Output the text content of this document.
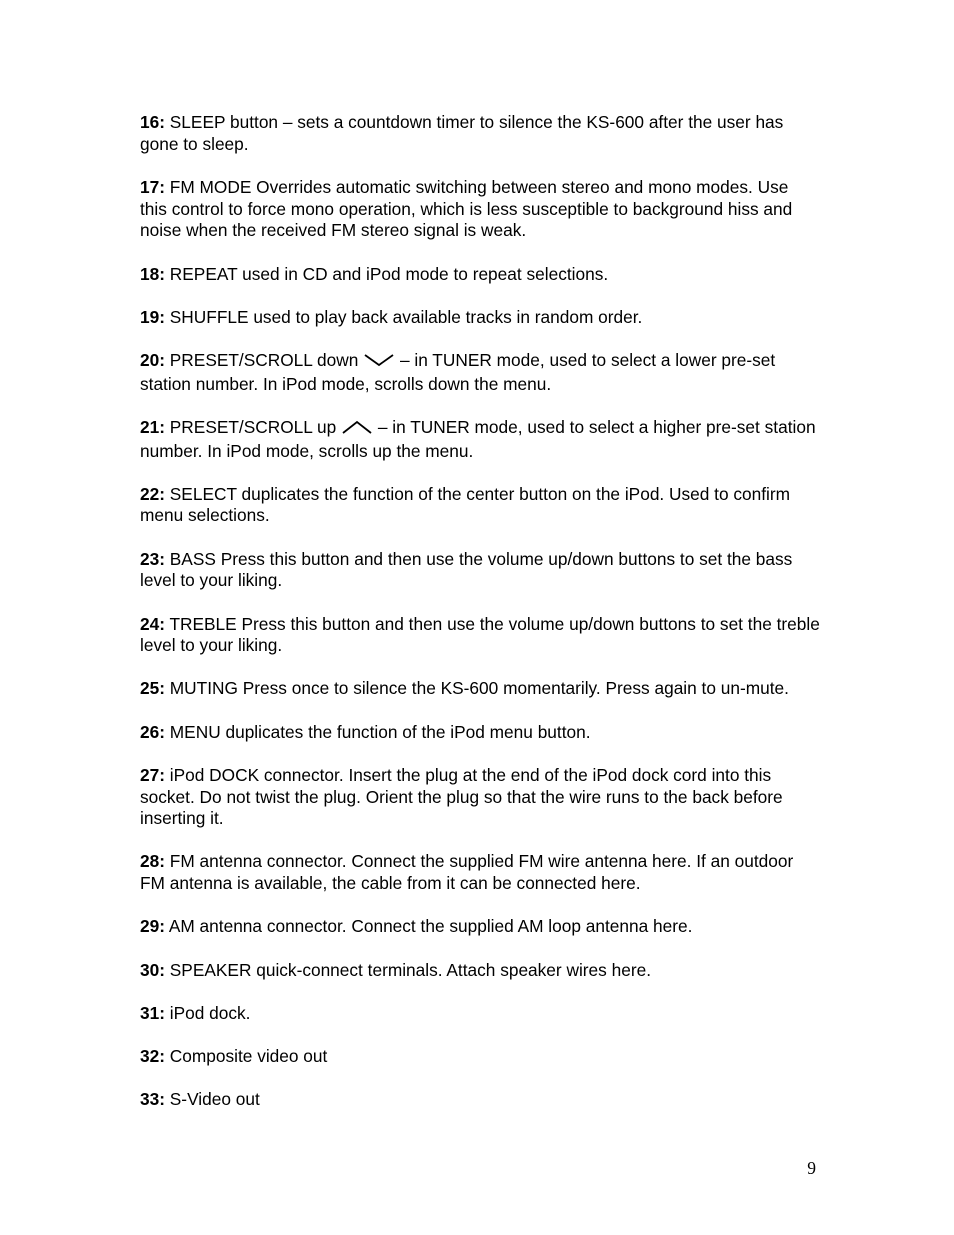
16: SLEEP button – sets a countdown timer to silence the KS-600 after the user has gone to sleep.

17: FM MODE Overrides automatic switching between stereo and mono modes. Use this control to force mono operation, which is less susceptible to background hiss and noise when the received FM stereo signal is weak.

18: REPEAT used in CD and iPod mode to repeat selections.

19: SHUFFLE used to play back available tracks in random order.

20: PRESET/SCROLL down  – in TUNER mode, used to select a lower pre-set station number. In iPod mode, scrolls down the menu.

21: PRESET/SCROLL up  – in TUNER mode, used to select a higher pre-set station number. In iPod mode, scrolls up the menu.

22: SELECT duplicates the function of the center button on the iPod. Used to confirm menu selections.

23: BASS Press this button and then use the volume up/down buttons to set the bass level to your liking.

24: TREBLE Press this button and then use the volume up/down buttons to set the treble level to your liking.

25: MUTING Press once to silence the KS-600 momentarily. Press again to un-mute.

26: MENU duplicates the function of the iPod menu button.

27: iPod DOCK connector. Insert the plug at the end of the iPod dock cord into this socket. Do not twist the plug. Orient the plug so that the wire runs to the back before inserting it.

28: FM antenna connector. Connect the supplied FM wire antenna here. If an outdoor FM antenna is available, the cable from it can be connected here.

29: AM antenna connector. Connect the supplied AM loop antenna here.

30: SPEAKER quick-connect terminals. Attach speaker wires here.

31: iPod dock.

32: Composite video out

33: S-Video out

9
